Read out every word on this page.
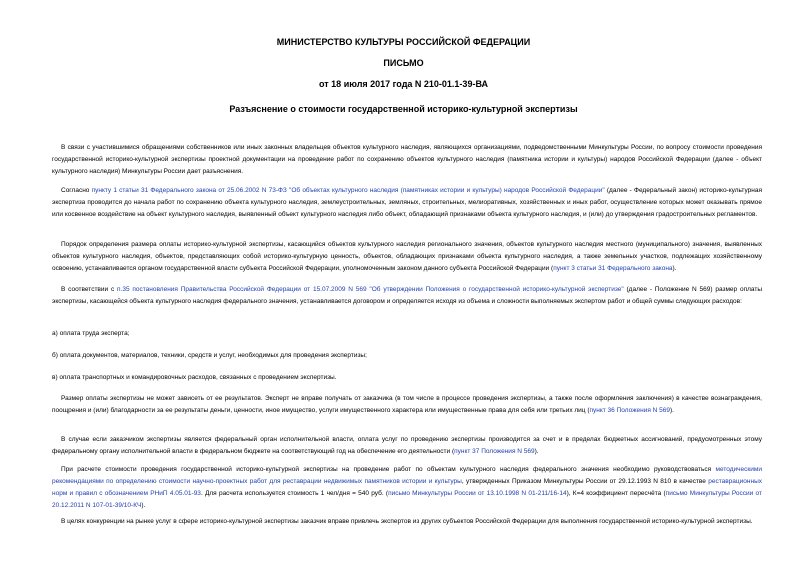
МИНИСТЕРСТВО КУЛЬТУРЫ РОССИЙСКОЙ ФЕДЕРАЦИИ
ПИСЬМО
от 18 июля 2017 года N 210-01.1-39-ВА
Разъяснение о стоимости государственной историко-культурной экспертизы
В связи с участившимися обращениями собственников или иных законных владельцев объектов культурного наследия, являющихся организациями, подведомственными Минкультуры России, по вопросу стоимости проведения государственной историко-культурной экспертизы проектной документации на проведение работ по сохранению объектов культурного наследия (памятника истории и культуры) народов Российской Федерации (далее - объект культурного наследия) Минкультуры России дает разъяснения.
Согласно пункту 1 статьи 31 Федерального закона от 25.06.2002 N 73-ФЗ "Об объектах культурного наследия (памятниках истории и культуры) народов Российской Федерации" (далее - Федеральный закон) историко-культурная экспертиза проводится до начала работ по сохранению объекта культурного наследия, землеустроительных, земляных, строительных, мелиоративных, хозяйственных и иных работ, осуществление которых может оказывать прямое или косвенное воздействие на объект культурного наследия, выявленный объект культурного наследия либо объект, обладающий признаками объекта культурного наследия, и (или) до утверждения градостроительных регламентов.
Порядок определения размера оплаты историко-культурной экспертизы, касающийся объектов культурного наследия регионального значения, объектов культурного наследия местного (муниципального) значения, выявленных объектов культурного наследия, объектов, представляющих собой историко-культурную ценность, объектов, обладающих признаками объекта культурного наследия, а также земельных участков, подлежащих хозяйственному освоению, устанавливается органом государственной власти субъекта Российской Федерации, уполномоченным законом данного субъекта Российской Федерации (пункт 3 статьи 31 Федерального закона).
В соответствии с п.35 постановления Правительства Российской Федерации от 15.07.2009 N 569 "Об утверждении Положения о государственной историко-культурной экспертизе" (далее - Положение N 569) размер оплаты экспертизы, касающейся объекта культурного наследия федерального значения, устанавливается договором и определяется исходя из объема и сложности выполняемых экспертом работ и общей суммы следующих расходов:
а) оплата труда эксперта;
б) оплата документов, материалов, техники, средств и услуг, необходимых для проведения экспертизы;
в) оплата транспортных и командировочных расходов, связанных с проведением экспертизы.
Размер оплаты экспертизы не может зависеть от ее результатов. Эксперт не вправе получать от заказчика (в том числе в процессе проведения экспертизы, а также после оформления заключения) в качестве вознаграждения, поощрения и (или) благодарности за ее результаты деньги, ценности, иное имущество, услуги имущественного характера или имущественные права для себя или третьих лиц (пункт 36 Положения N 569).
В случае если заказчиком экспертизы является федеральный орган исполнительной власти, оплата услуг по проведению экспертизы производится за счет и в пределах бюджетных ассигнований, предусмотренных этому федеральному органу исполнительной власти в федеральном бюджете на соответствующий год на обеспечение его деятельности (пункт 37 Положения N 569).
При расчете стоимости проведения государственной историко-культурной экспертизы на проведение работ по объектам культурного наследия федерального значения необходимо руководствоваться методическими рекомендациями по определению стоимости научно-проектных работ для реставрации недвижимых памятников истории и культуры, утвержденных Приказом Минкультуры России от 29.12.1993 N 810 в качестве реставрационных норм и правил с обозначением РНиП 4.05.01-93. Для расчета используется стоимость 1 чел/дня = 540 руб. (письмо Минкультуры России от 13.10.1998 N 01-211/16-14), К=4 коэффициент пересчёта (письмо Минкультуры России от 20.12.2011 N 107-01-39/10-КЧ).
В целях конкуренции на рынке услуг в сфере историко-культурной экспертизы заказчик вправе привлечь экспертов из других субъектов Российской Федерации для выполнения государственной историко-культурной экспертизы.
